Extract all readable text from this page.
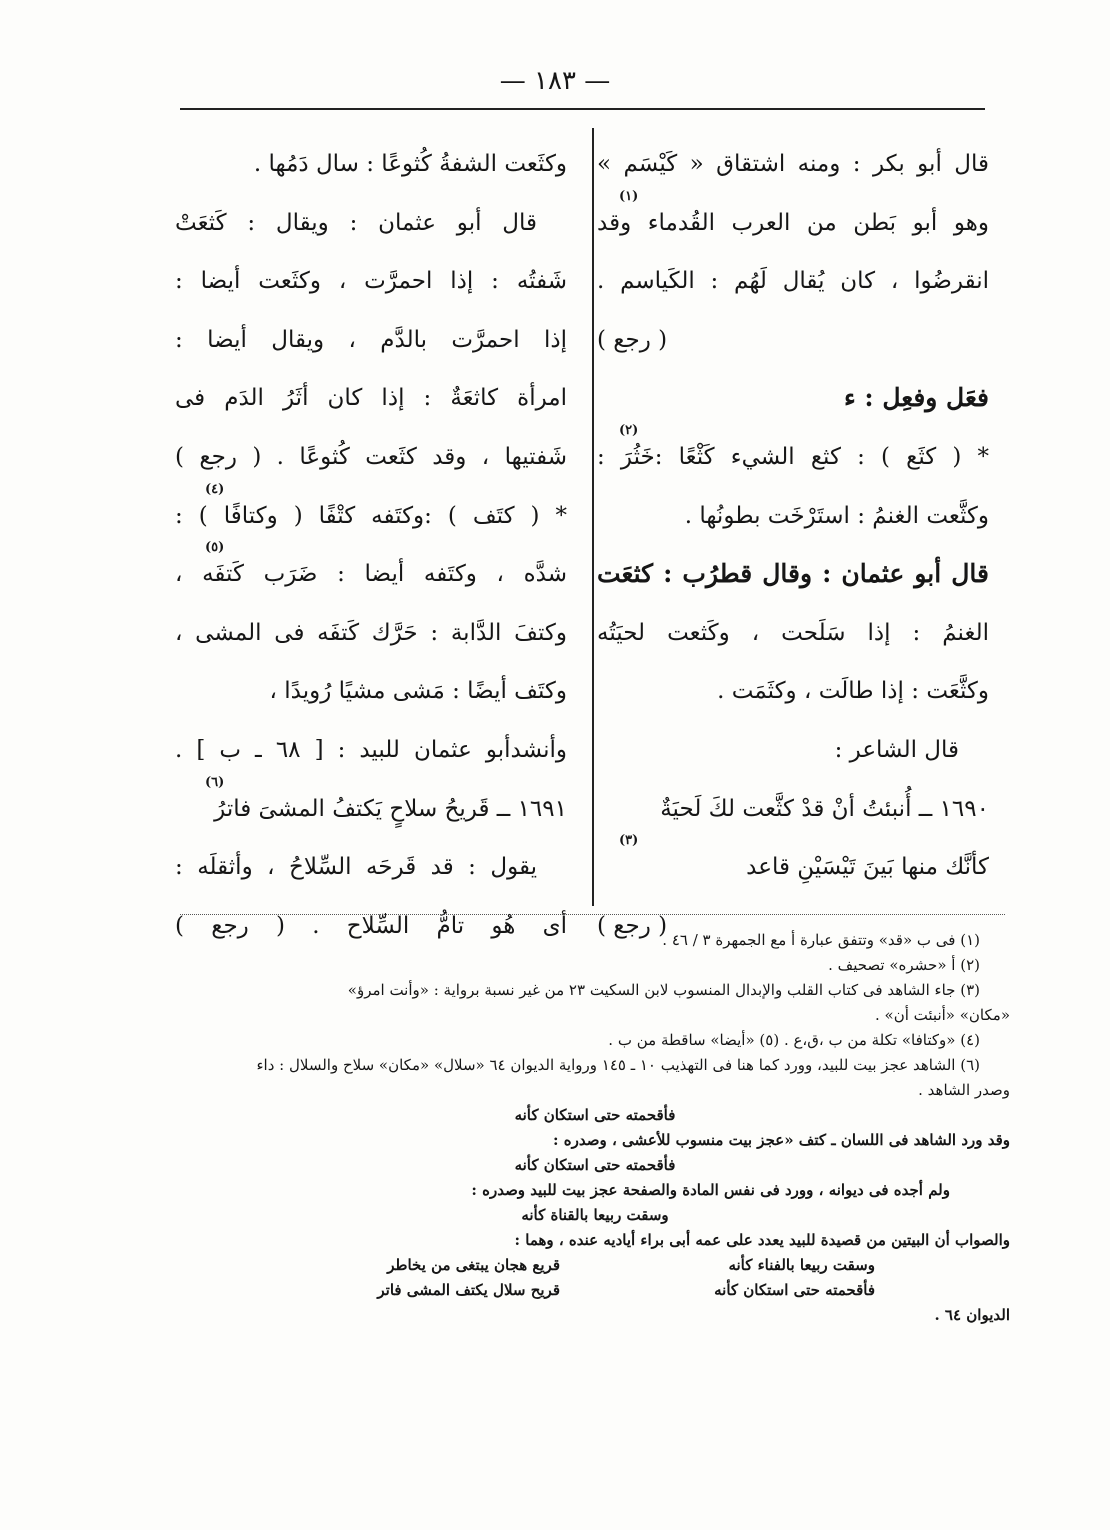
— ١٨٣ —
قال أبو بكر : ومنه اشتقاق « كَيْسَم »
وهو أبو بَطن من العرب القُدماء وقد
(١)
انقرضُوا ، كان يُقال لَهُم : الكَياسم .
( رجع )
فعَل وفعِل : ء
* ( كثَع ) : كثع الشيء كَثْعًا :خَثُرَ :
(٢)
وكثَّعت الغنمُ : استَرْخَت بطونُها .
قال أبو عثمان : وقال قطرُب : كثعَت
الغنمُ : إذا سَلَحت ، وكَثعت لحيَتُه
وكثَّعَت : إذا طالَت ، وكثَمَت .
قال الشاعر :
١٦٩٠ ــ أُنبئتُ أنْ قدْ كثَّعت لكَ لَحيَةٌ
كأنَّك منها بَينَ تَيْسَيْنِ قاعد
(٣)
( رجع )
وكثَعت الشفةُ كُثوعًا : سال دَمُها .
قال أبو عثمان : ويقال : كَثعَتْ
شَفتُه : إذا احمرَّت ، وكثَعت أيضا :
إذا احمرَّت بالدَّم ، ويقال أيضا :
امرأة كاثعَةٌ : إذا كان أثَرُ الدَم فى
شَفتيها ، وقد كثَعت كُثوعًا . ( رجع )
* ( كتَف ) :وكتَفه كتْفًا ( وكتافًا ) :
(٤)
شدَّه ، وكتَفه أيضا : ضَرَب كَتفَه ،
(٥)
وكتفَ الدَّابة : حَرَّك كَتفَه فى المشى ،
وكتَف أيضًا : مَشى مشيًا رُويدًا ،
وأنشدأبو عثمان للبيد : [ ٦٨ ـ ب ] .
١٦٩١ ــ قَريحُ سلاحٍ يَكتفُ المشىَ فاترُ
(٦)
يقول : قد قَرحَه السِّلاحُ ، وأثقلَه :
أى هُو تامُّ السِّلاح . ( رجع )
(١) فى ب «قد» وتتفق عبارة أ مع الجمهرة ٣ / ٤٦ .
(٢) أ «حشره» تصحيف .
(٣) جاء الشاهد فى كتاب القلب والإبدال المنسوب لابن السكيت ٢٣ من غير نسبة برواية : «وأنت امرؤ»
«مكان» «أنبئت أن» .
(٤) «وكتافا» تكلة من ب ،ق،ع . (٥) «أيضا» ساقطة من ب .
(٦) الشاهد عجز بيت للبيد، وورد كما هنا فى التهذيب ١٠ ـ ١٤٥ ورواية الديوان ٦٤ «سلال» «مكان» سلاح والسلال : داء
وصدر الشاهد .
فأقحمته حتى استكان كأنه
وقد ورد الشاهد فى اللسان ـ كتف «عجز بيت منسوب للأعشى ، وصدره :
فأقحمته حتى استكان كأنه
ولم أجده فى ديوانه ، وورد فى نفس المادة والصفحة عجز بيت للبيد وصدره :
وسقت ربيعا بالقناة كأنه
والصواب أن البيتين من قصيدة للبيد يعدد على عمه أبى براء أياديه عنده ، وهما :
وسقت ربيعا بالفناء كأنه
قريع هجان يبتغى من يخاطر
فأقحمته حتى استكان كأنه
قريح سلال يكتف المشى فاتر
الديوان ٦٤ .
